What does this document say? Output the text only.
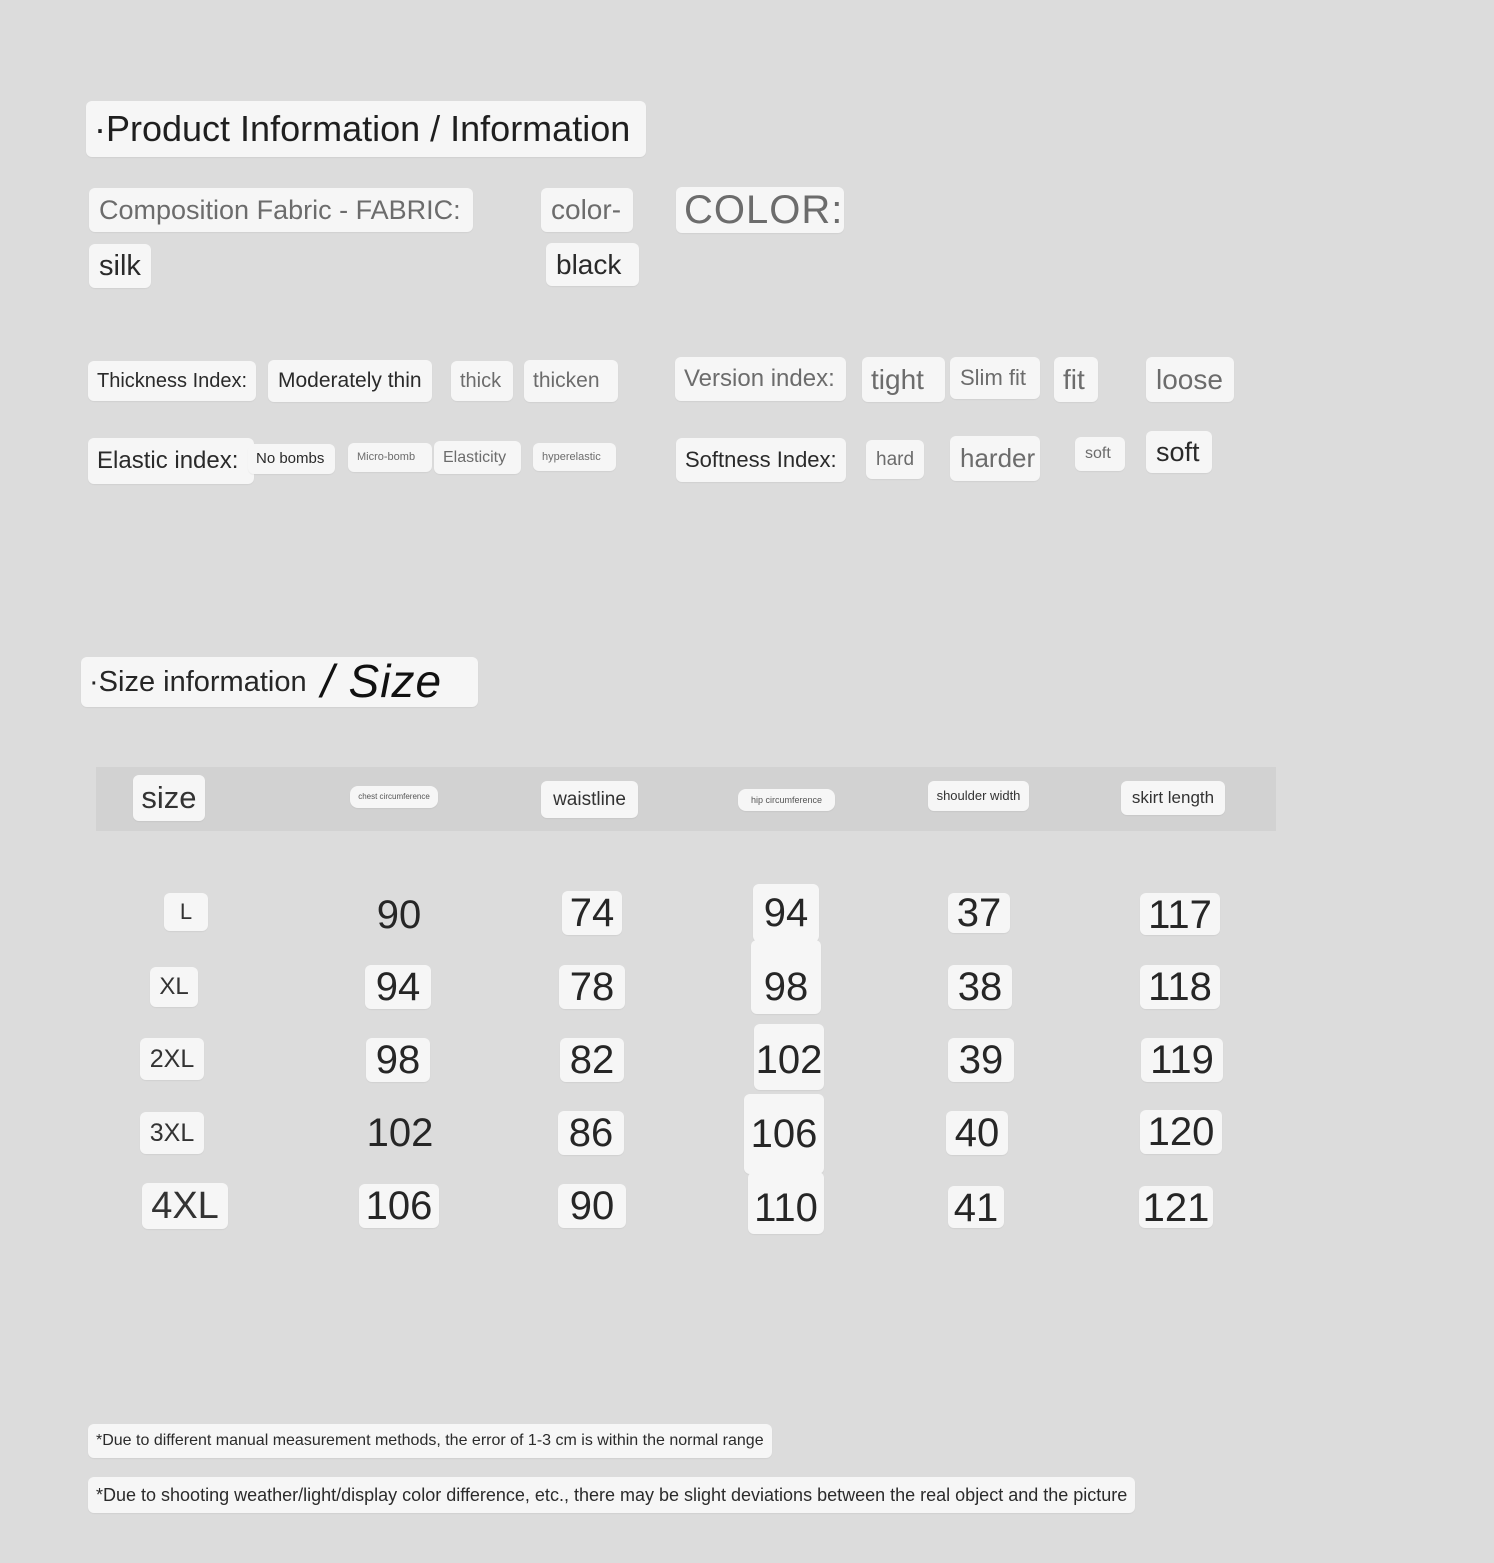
·Product Information / Information
Composition Fabric - FABRIC:
silk
color- COLOR:
black
Thickness Index:	Moderately thin	thick	thicken	Version index:	tight	Slim fit	fit	loose
Elastic index:	No bombs	Micro-bomb	Elasticity	hyperelastic	Softness Index:	hard	harder	soft	soft
·Size information / Size
size	chest circumference	waistline	hip circumference	shoulder width	skirt length
L	90	74	94	37	117
XL	94	78	98	38	118
2XL	98	82	102	39	119
3XL	102	86	106	40	120
4XL	106	90	110	41	121
*Due to different manual measurement methods, the error of 1-3 cm is within the normal range
*Due to shooting weather/light/display color difference, etc., there may be slight deviations between the real object and the picture
